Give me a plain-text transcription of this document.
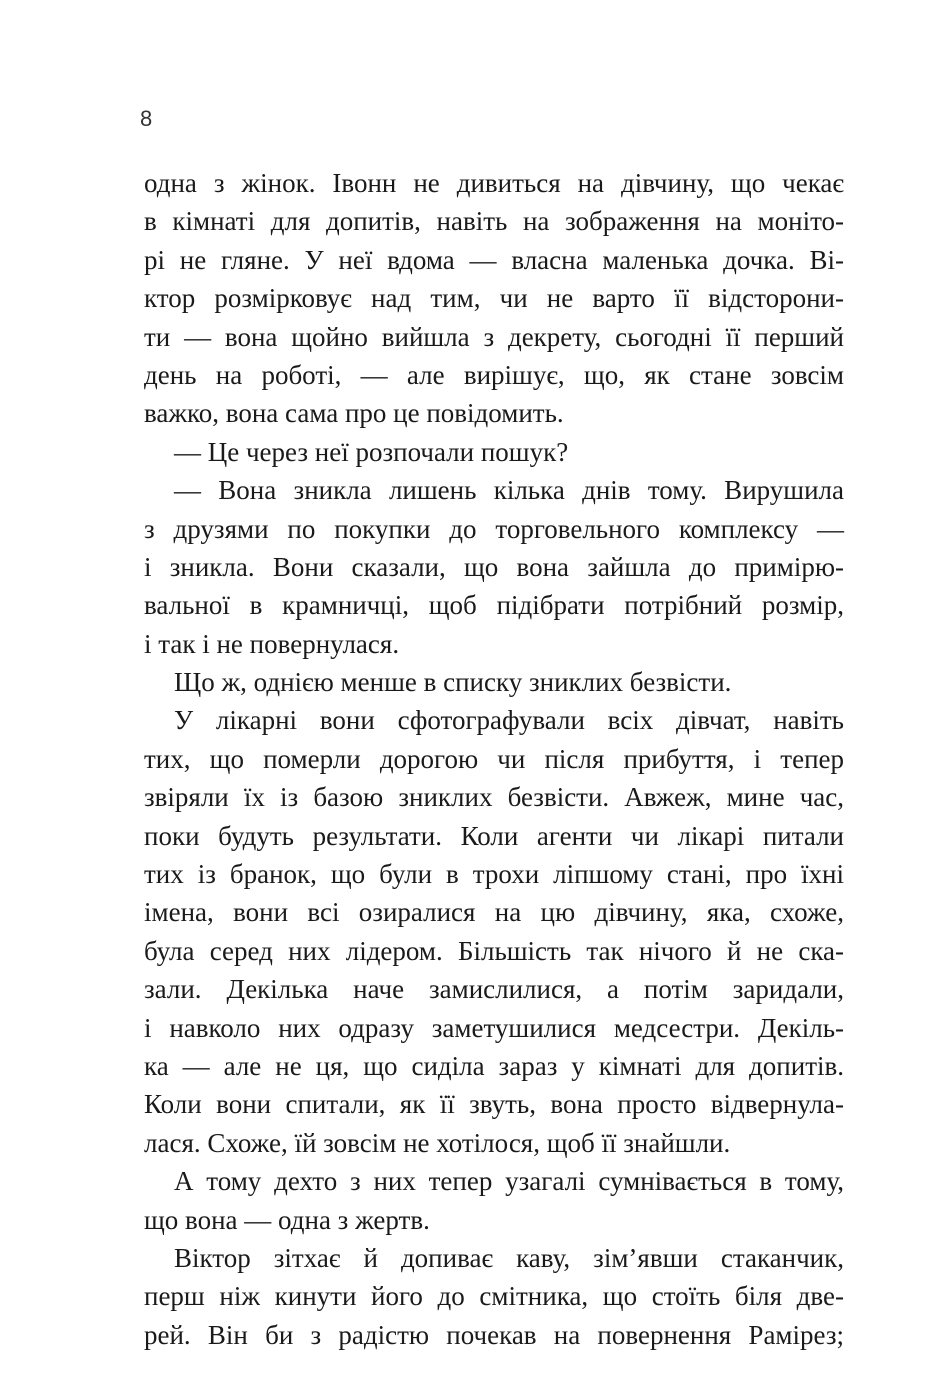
8
одна з жінок. Івонн не дивиться на дівчину, що чекає
в кімнаті для допитів, навіть на зображення на моніто-
рі не гляне. У неї вдома — власна маленька дочка. Ві-
ктор розмірковує над тим, чи не варто її відсторони-
ти — вона щойно вийшла з декрету, сьогодні її перший
день на роботі, — але вирішує, що, як стане зовсім
важко, вона сама про це повідомить.
— Це через неї розпочали пошук?
— Вона зникла лишень кілька днів тому. Вирушила
з друзями по покупки до торговельного комплексу —
і зникла. Вони сказали, що вона зайшла до примірю-
вальної в крамничці, щоб підібрати потрібний розмір,
і так і не повернулася.
Що ж, однією менше в списку зниклих безвісти.
У лікарні вони сфотографували всіх дівчат, навіть
тих, що померли дорогою чи після прибуття, і тепер
звіряли їх із базою зниклих безвісти. Авжеж, мине час,
поки будуть результати. Коли агенти чи лікарі питали
тих із бранок, що були в трохи ліпшому стані, про їхні
імена, вони всі озиралися на цю дівчину, яка, схоже,
була серед них лідером. Більшість так нічого й не ска-
зали. Декілька наче замислилися, а потім заридали,
і навколо них одразу заметушилися медсестри. Декіль-
ка — але не ця, що сиділа зараз у кімнаті для допитів.
Коли вони спитали, як її звуть, вона просто відвернула-
лася. Схоже, їй зовсім не хотілося, щоб її знайшли.
А тому дехто з них тепер узагалі сумнівається в тому,
що вона — одна з жертв.
Віктор зітхає й допиває каву, зім’явши стаканчик,
перш ніж кинути його до смітника, що стоїть біля две-
рей. Він би з радістю почекав на повернення Рамірез;
